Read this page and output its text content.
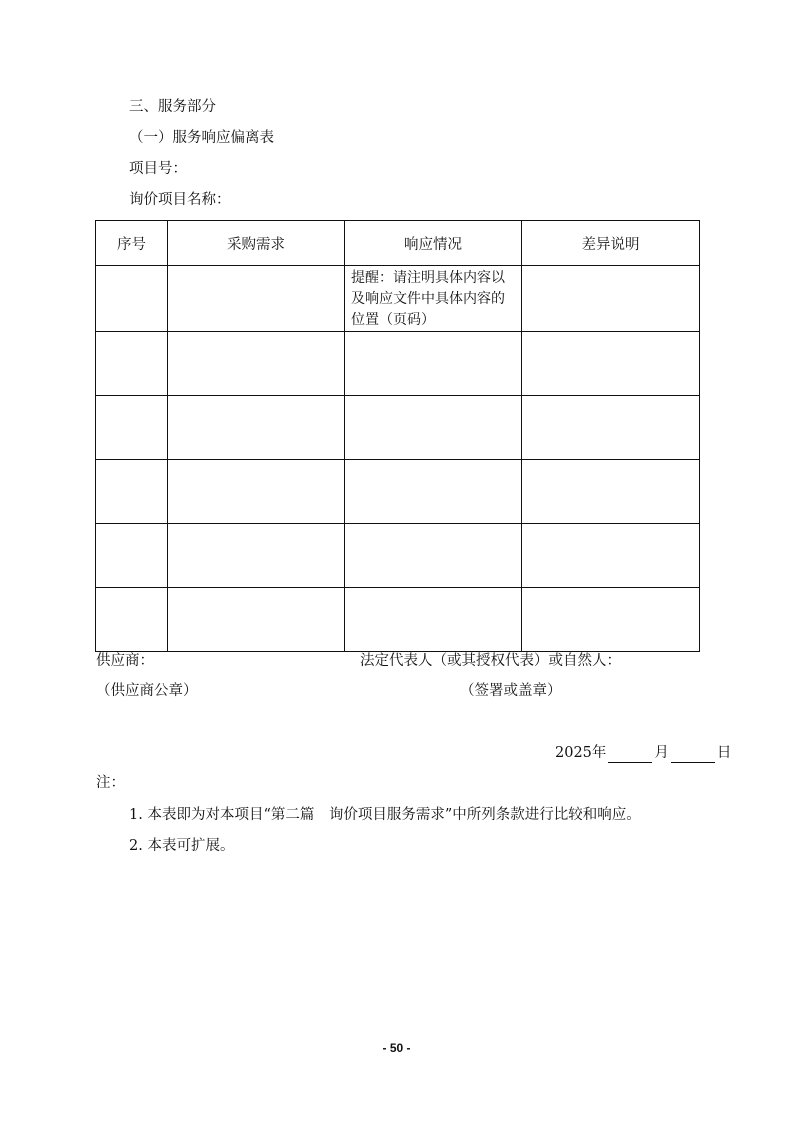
三、服务部分
（一）服务响应偏离表
项目号：
询价项目名称：
序号	采购需求	响应情况	差异说明
		提醒：请注明具体内容以及响应文件中具体内容的位置（页码）	

供应商：	法定代表人（或其授权代表）或自然人：
（供应商公章）	（签署或盖章）
2025年	月	日
注：
1. 本表即为对本项目“第二篇　询价项目服务需求”中所列条款进行比较和响应。
2. 本表可扩展。
- 50 -
